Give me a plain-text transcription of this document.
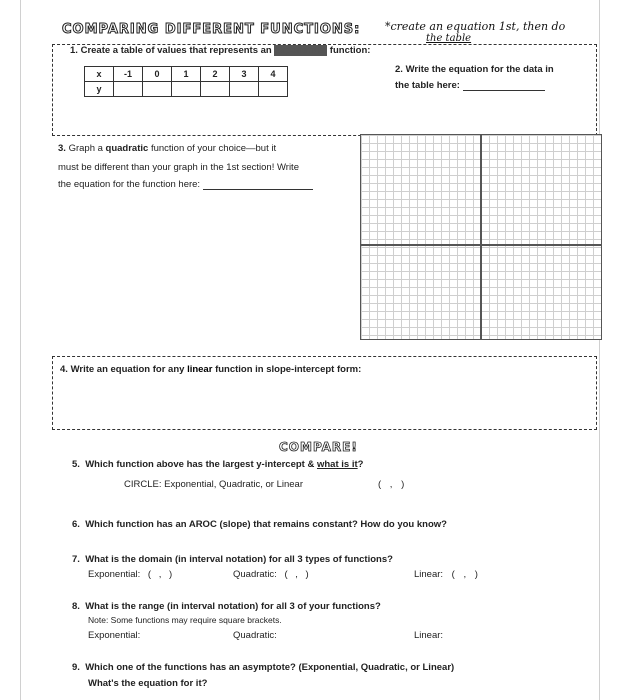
COMPARING DIFFERENT FUNCTIONS: *create an equation 1st, then do
the table
1. Create a table of values that represents an exponential function:
x	-1	0	1	2	3	4
y						
2. Write the equation for the data in
the table here:
3. Graph a quadratic function of your choice—but it
must be different than your graph in the 1st section! Write
the equation for the function here:
4. Write an equation for any linear function in slope-intercept form:
COMPARE!
5. Which function above has the largest y-intercept & what is it?
CIRCLE: Exponential, Quadratic, or Linear	( , )
6. Which function has an AROC (slope) that remains constant? How do you know?
7. What is the domain (in interval notation) for all 3 types of functions?
Exponential: ( , )	Quadratic: ( , )	Linear: ( , )
8. What is the range (in interval notation) for all 3 of your functions?
Note: Some functions may require square brackets.
Exponential:	Quadratic:	Linear:
9. Which one of the functions has an asymptote? (Exponential, Quadratic, or Linear)
What's the equation for it?
